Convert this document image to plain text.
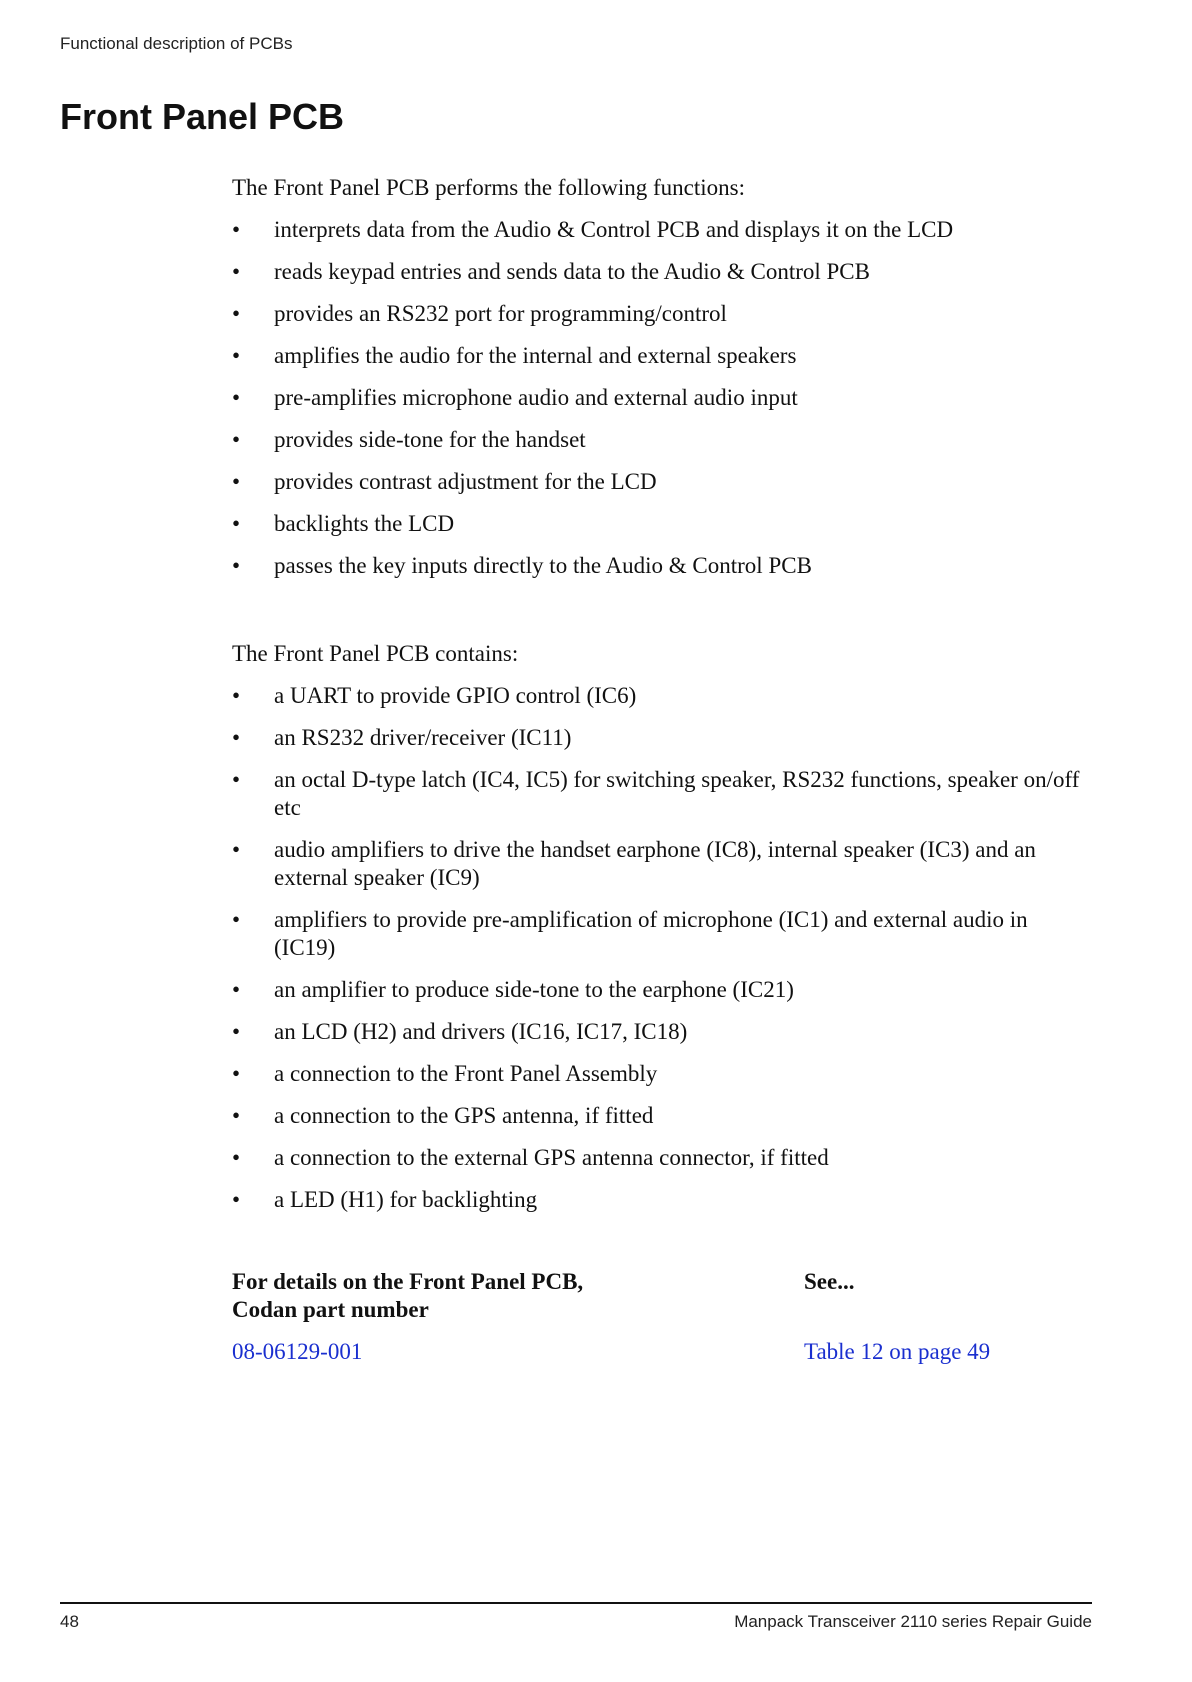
Functional description of PCBs
Front Panel PCB

The Front Panel PCB performs the following functions:

• interprets data from the Audio & Control PCB and displays it on the LCD
• reads keypad entries and sends data to the Audio & Control PCB
• provides an RS232 port for programming/control
• amplifies the audio for the internal and external speakers
• pre-amplifies microphone audio and external audio input
• provides side-tone for the handset
• provides contrast adjustment for the LCD
• backlights the LCD
• passes the key inputs directly to the Audio & Control PCB

The Front Panel PCB contains:

• a UART to provide GPIO control (IC6)
• an RS232 driver/receiver (IC11)
• an octal D-type latch (IC4, IC5) for switching speaker, RS232 functions, speaker on/off etc
• audio amplifiers to drive the handset earphone (IC8), internal speaker (IC3) and an external speaker (IC9)
• amplifiers to provide pre-amplification of microphone (IC1) and external audio in (IC19)
• an amplifier to produce side-tone to the earphone (IC21)
• an LCD (H2) and drivers (IC16, IC17, IC18)
• a connection to the Front Panel Assembly
• a connection to the GPS antenna, if fitted
• a connection to the external GPS antenna connector, if fitted
• a LED (H1) for backlighting
For details on the Front Panel PCB,
Codan part number
See...
08-06129-001	Table 12 on page 49
48	Manpack Transceiver 2110 series Repair Guide
